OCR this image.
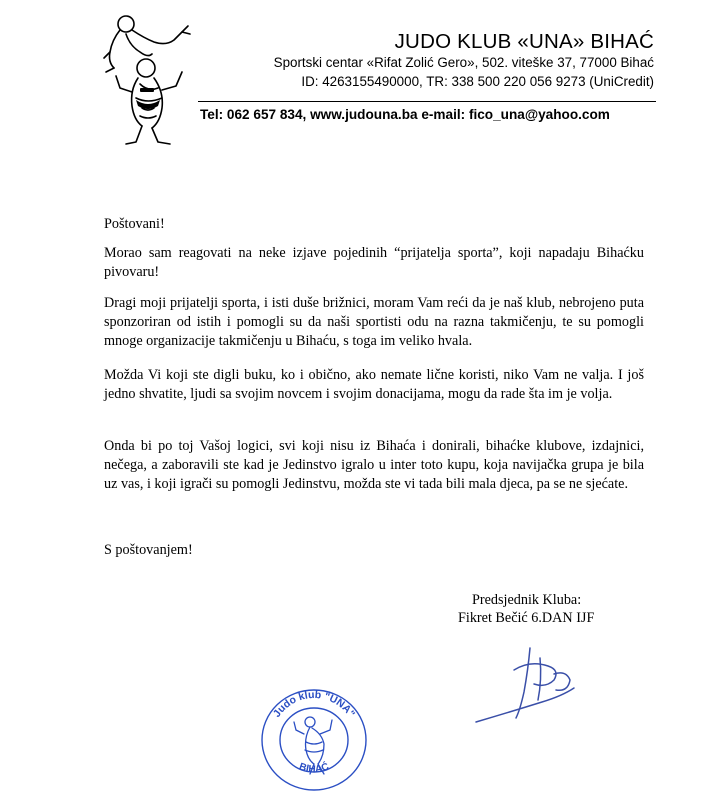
JUDO KLUB «UNA» BIHAĆ
Sportski centar «Rifat Zolić Gero», 502. viteške 37, 77000 Bihać
ID: 4263155490000, TR: 338 500 220 056 9273 (UniCredit)
Tel: 062 657 834, www.judouna.ba e-mail: fico_una@yahoo.com
Poštovani!
Morao sam reagovati na neke izjave pojedinih “prijatelja sporta”, koji napadaju Bihaćku pivovaru!
Dragi moji prijatelji sporta, i isti duše brižnici, moram Vam reći da je naš klub, nebrojeno puta sponzoriran od istih i pomogli su da naši sportisti odu na razna takmičenju, te su pomogli mnoge organizacije takmičenju u Bihaću, s toga im veliko hvala.
Možda Vi koji ste digli buku, ko i obično, ako nemate lične koristi, niko Vam ne valja. I još jedno shvatite, ljudi sa svojim novcem i svojim donacijama, mogu da rade šta im je volja.
Onda bi po toj Vašoj logici, svi koji nisu iz Bihaća i donirali, bihaćke klubove, izdajnici, nečega, a zaboravili ste kad je Jedinstvo igralo u inter toto kupu, koja navijačka grupa je bila uz vas, i koji igrači su pomogli Jedinstvu, možda ste vi tada bili mala djeca, pa se ne sjećate.
S poštovanjem!
Predsjednik Kluba:
Fikret Bečić 6.DAN IJF
Judo klub "UNA"
BIHAĆ
